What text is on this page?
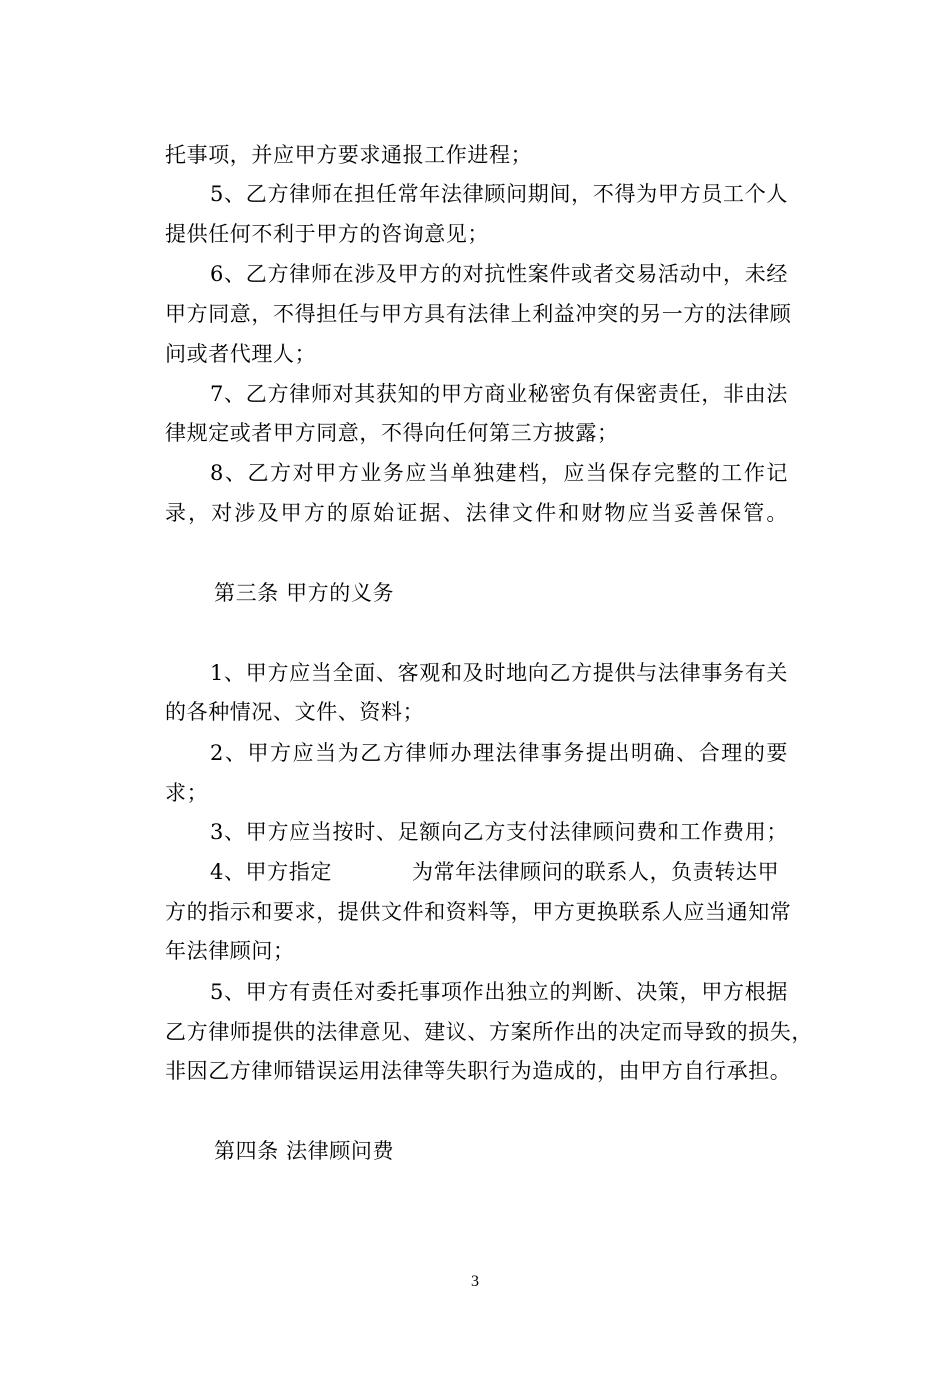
托事项，并应甲方要求通报工作进程；
5、乙方律师在担任常年法律顾问期间，不得为甲方员工个人
提供任何不利于甲方的咨询意见；
6、乙方律师在涉及甲方的对抗性案件或者交易活动中，未经
甲方同意，不得担任与甲方具有法律上利益冲突的另一方的法律顾
问或者代理人；
7、乙方律师对其获知的甲方商业秘密负有保密责任，非由法
律规定或者甲方同意，不得向任何第三方披露；
8、乙方对甲方业务应当单独建档，应当保存完整的工作记
录，对涉及甲方的原始证据、法律文件和财物应当妥善保管。
第三条 甲方的义务
1、甲方应当全面、客观和及时地向乙方提供与法律事务有关
的各种情况、文件、资料；
2、甲方应当为乙方律师办理法律事务提出明确、合理的要
求；
3、甲方应当按时、足额向乙方支付法律顾问费和工作费用；
4、甲方指定	为常年法律顾问的联系人，负责转达甲
方的指示和要求，提供文件和资料等，甲方更换联系人应当通知常
年法律顾问；
5、甲方有责任对委托事项作出独立的判断、决策，甲方根据
乙方律师提供的法律意见、建议、方案所作出的决定而导致的损失，
非因乙方律师错误运用法律等失职行为造成的，由甲方自行承担。
第四条 法律顾问费
3
